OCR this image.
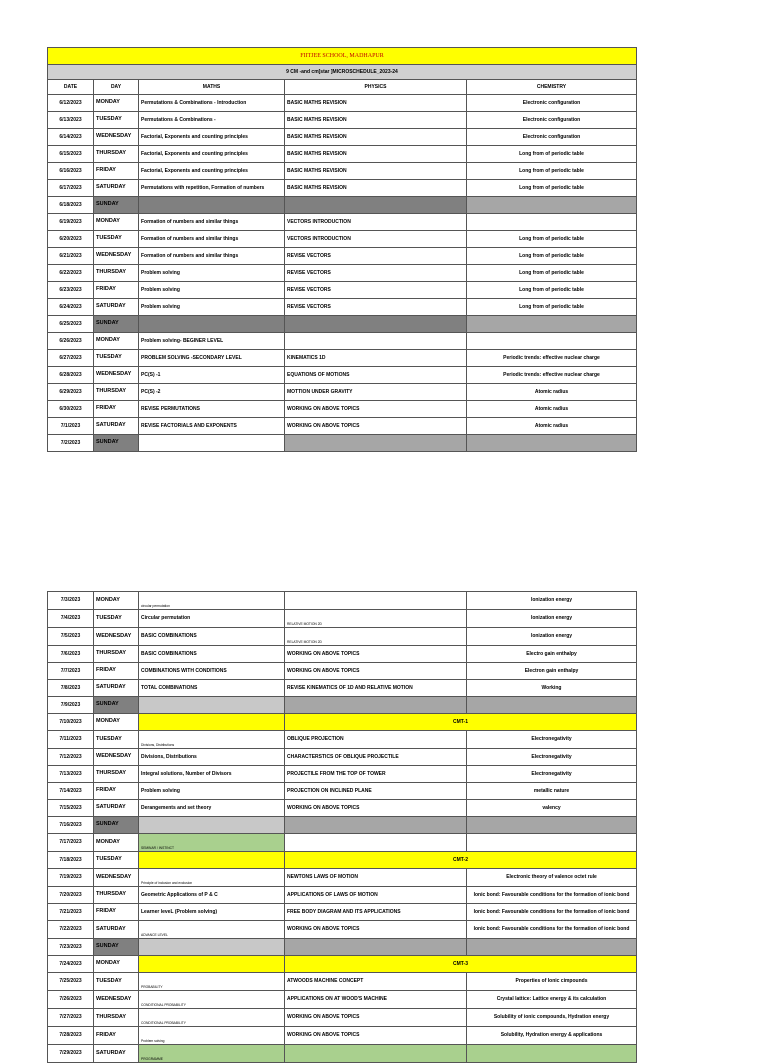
FIITJEE SCHOOL, MADHAPUR				
9 CM -and cm[star ]MICROSCHEDULE_2023-24				
DATE	DAY	MATHS	PHYSICS	CHEMISTRY
6/12/2023	MONDAY	Permutations & Combinations - Introduction	BASIC MATHS REVISION	Electronic configuration
6/13/2023	TUESDAY	Permutations & Combinations -	BASIC MATHS REVISION	Electronic configuration
6/14/2023	WEDNESDAY	Factorial, Exponents and counting principles	BASIC MATHS REVISION	Electronic configuration
6/15/2023	THURSDAY	Factorial, Exponents and counting principles	BASIC MATHS REVISION	Long from of periodic table
6/16/2023	FRIDAY	Factorial, Exponents and counting principles	BASIC MATHS REVISION	Long from of periodic table
6/17/2023	SATURDAY	Permutations with repetition, Formation of numbers	BASIC MATHS REVISION	Long from of periodic table
6/18/2023	SUNDAY			
6/19/2023	MONDAY	Formation of numbers and similar things	VECTORS INTRODUCTION	
6/20/2023	TUESDAY	Formation of numbers and similar things	VECTORS INTRODUCTION	Long from of periodic table
6/21/2023	WEDNESDAY	Formation of numbers and similar things	REVISE VECTORS	Long from of periodic table
6/22/2023	THURSDAY	Problem solving	REVISE VECTORS	Long from of periodic table
6/23/2023	FRIDAY	Problem solving	REVISE VECTORS	Long from of periodic table
6/24/2023	SATURDAY	Problem solving	REVISE VECTORS	Long from of periodic table
6/25/2023	SUNDAY			
6/26/2023	MONDAY	Problem solving- BEGINER LEVEL		
6/27/2023	TUESDAY	PROBLEM SOLVING -SECONDARY LEVEL	KINEMATICS 1D	Periodic trends: effective nuclear charge
6/28/2023	WEDNESDAY	PC(S) -1	EQUATIONS OF MOTIONS	Periodic trends: effective nuclear charge
6/29/2023	THURSDAY	PC(S) -2	MOTTION UNDER GRAVITY	Atomic radius
6/30/2023	FRIDAY	REVISE PERMUTATIONS	WORKING ON ABOVE TOPICS	Atomic radius
7/1/2023	SATURDAY	REVISE FACTORIALS AND EXPONENTS	WORKING ON ABOVE TOPICS	Atomic radius
7/2/2023	SUNDAY			
7/3/2023	MONDAY	circular permutation		Ionization energy
7/4/2023	TUESDAY	Circular permutation	RELATIVE MOTION 2D	Ionization energy
7/5/2023	WEDNESDAY	BASIC COMBINATIONS	RELATIVE MOTION 2D	Ionization energy
7/6/2023	THURSDAY	BASIC COMBINATIONS	WORKING ON ABOVE TOPICS	Electro gain enthalpy
7/7/2023	FRIDAY	COMBINATIONS WITH CONDITIONS	WORKING ON ABOVE TOPICS	Electron gain enthalpy
7/8/2023	SATURDAY	TOTAL COMBINATIONS	REVISE KINEMATICS OF 1D AND RELATIVE MOTION	Working
7/9/2023	SUNDAY			
7/10/2023	MONDAY		CMT-1	
7/11/2023	TUESDAY	Divisions, Distributions	OBLIQUE PROJECTION	Electronegativity
7/12/2023	WEDNESDAY	Divisions, Distributions	CHARACTERSTICS OF OBLIQUE PROJECTILE	Electronegativity
7/13/2023	THURSDAY	Integral solutions, Number of Divisors	PROJECTILE FROM THE TOP OF TOWER	Electronegativity
7/14/2023	FRIDAY	Problem solving	PROJECTION ON INCLINED PLANE	metallic nature
7/15/2023	SATURDAY	Derangements and set theory	WORKING ON ABOVE TOPICS	valency
7/16/2023	SUNDAY			
7/17/2023	MONDAY	SEMINAR / INSTINCT		
7/18/2023	TUESDAY		CMT-2	
7/19/2023	WEDNESDAY	Principle of inclusion and exclusion	NEWTONS LAWS OF MOTION	Electronic theory of valence octet rule
7/20/2023	THURSDAY	Geometric Applications of P & C	APPLICATIONS OF LAWS OF MOTION	Ionic bond: Favourable conditions for the formation of ionic bond
7/21/2023	FRIDAY	Learner leveL (Problem solving)	FREE BODY DIAGRAM AND ITS APPLICATIONS	Ionic bond: Favourable conditions for the formation of ionic bond
7/22/2023	SATURDAY	ADVANCE LEVEL	WORKING ON ABOVE TOPICS	Ionic bond: Favourable conditions for the formation of ionic bond
7/23/2023	SUNDAY			
7/24/2023	MONDAY		CMT-3	
7/25/2023	TUESDAY	PROBABILITY	ATWOODS MACHINE CONCEPT	Properties of Ionic cimpounds
7/26/2023	WEDNESDAY	CONDITIONAL PROBABILITY	APPLICATIONS ON AT WOOD'S MACHINE	Crystal lattice: Lattice energy & its calculation
7/27/2023	THURSDAY	CONDITIONAL PROBABILITY	WORKING ON ABOVE TOPICS	Solubility of ionic compounds, Hydration energy
7/28/2023	FRIDAY	Problem solving	WORKING ON ABOVE TOPICS	Solubility, Hydration energy & applications
7/29/2023	SATURDAY	PROGRAMME		
